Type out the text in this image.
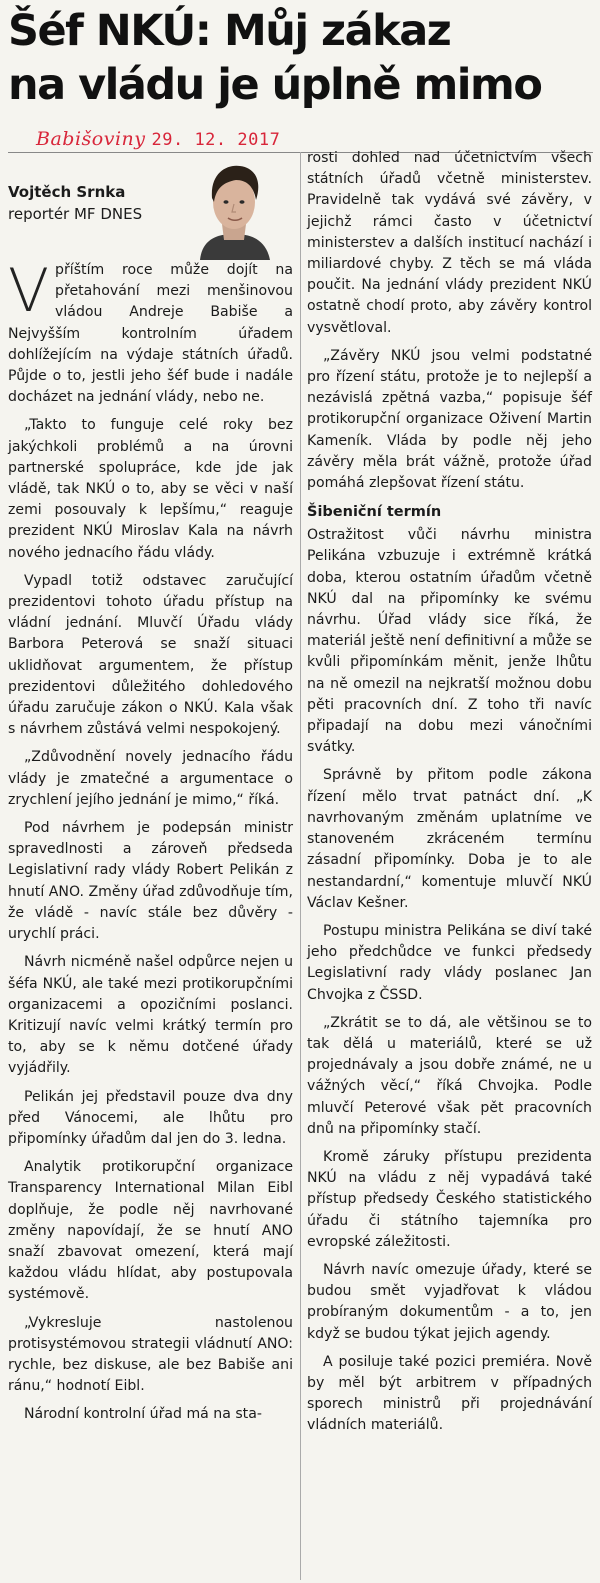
Šéf NKÚ: Můj zákaz
na vládu je úplně mimo
Babišoviny 29. 12. 2017
Vojtěch Srnka
reportér MF DNES

Vpříštím roce může dojít na přetahování mezi menšinovou vládou Andreje Babiše a Nejvyšším kontrolním úřadem dohlížejícím na výdaje státních úřadů. Půjde o to, jestli jeho šéf bude i nadále docházet na jednání vlády, nebo ne.

„Takto to funguje celé roky bez jakýchkoli problémů a na úrovni partnerské spolupráce, kde jde jak vládě, tak NKÚ o to, aby se věci v naší zemi posouvaly k lepšímu,“ reaguje prezident NKÚ Miroslav Kala na návrh nového jednacího řádu vlády.

Vypadl totiž odstavec zaručující prezidentovi tohoto úřadu přístup na vládní jednání. Mluvčí Úřadu vlády Barbora Peterová se snaží situaci uklidňovat argumentem, že přístup prezidentovi důležitého dohledového úřadu zaručuje zákon o NKÚ. Kala však s návrhem zůstává velmi nespokojený.

„Zdůvodnění novely jednacího řádu vlády je zmatečné a argumentace o zrychlení jejího jednání je mimo,“ říká.

Pod návrhem je podepsán ministr spravedlnosti a zároveň předseda Legislativní rady vlády Robert Pelikán z hnutí ANO. Změny úřad zdůvodňuje tím, že vládě - navíc stále bez důvěry - urychlí práci.

Návrh nicméně našel odpůrce nejen u šéfa NKÚ, ale také mezi protikorupčními organizacemi a opozičními poslanci. Kritizují navíc velmi krátký termín pro to, aby se k němu dotčené úřady vyjádřily.

Pelikán jej představil pouze dva dny před Vánocemi, ale lhůtu pro připomínky úřadům dal jen do 3. ledna.

Analytik protikorupční organizace Transparency International Milan Eibl doplňuje, že podle něj navrhované změny napovídají, že se hnutí ANO snaží zbavovat omezení, která mají každou vládu hlídat, aby postupovala systémově.

„Vykresluje nastolenou protisystémovou strategii vládnutí ANO: rychle, bez diskuse, ale bez Babiše ani ránu,“ hodnotí Eibl.

Národní kontrolní úřad má na sta-

rosti dohled nad účetnictvím všech státních úřadů včetně ministerstev. Pravidelně tak vydává své závěry, v jejichž rámci často v účetnictví ministerstev a dalších institucí nachází i miliardové chyby. Z těch se má vláda poučit. Na jednání vlády prezident NKÚ ostatně chodí proto, aby závěry kontrol vysvětloval.

„Závěry NKÚ jsou velmi podstatné pro řízení státu, protože je to nejlepší a nezávislá zpětná vazba,“ popisuje šéf protikorupční organizace Oživení Martin Kameník. Vláda by podle něj jeho závěry měla brát vážně, protože úřad pomáhá zlepšovat řízení státu.

Šibeniční termín

Ostražitost vůči návrhu ministra Pelikána vzbuzuje i extrémně krátká doba, kterou ostatním úřadům včetně NKÚ dal na připomínky ke svému návrhu. Úřad vlády sice říká, že materiál ještě není definitivní a může se kvůli připomínkám měnit, jenže lhůtu na ně omezil na nejkratší možnou dobu pěti pracovních dní. Z toho tři navíc připadají na dobu mezi vánočními svátky.

Správně by přitom podle zákona řízení mělo trvat patnáct dní. „K navrhovaným změnám uplatníme ve stanoveném zkráceném termínu zásadní připomínky. Doba je to ale nestandardní,“ komentuje mluvčí NKÚ Václav Kešner.

Postupu ministra Pelikána se diví také jeho předchůdce ve funkci předsedy Legislativní rady vlády poslanec Jan Chvojka z ČSSD.

„Zkrátit se to dá, ale většinou se to tak dělá u materiálů, které se už projednávaly a jsou dobře známé, ne u vážných věcí,“ říká Chvojka. Podle mluvčí Peterové však pět pracovních dnů na připomínky stačí.

Kromě záruky přístupu prezidenta NKÚ na vládu z něj vypadává také přístup předsedy Českého statistického úřadu či státního tajemníka pro evropské záležitosti.

Návrh navíc omezuje úřady, které se budou smět vyjadřovat k vládou probíraným dokumentům - a to, jen když se budou týkat jejich agendy.

A posiluje také pozici premiéra. Nově by měl být arbitrem v případných sporech ministrů při projednávání vládních materiálů.
